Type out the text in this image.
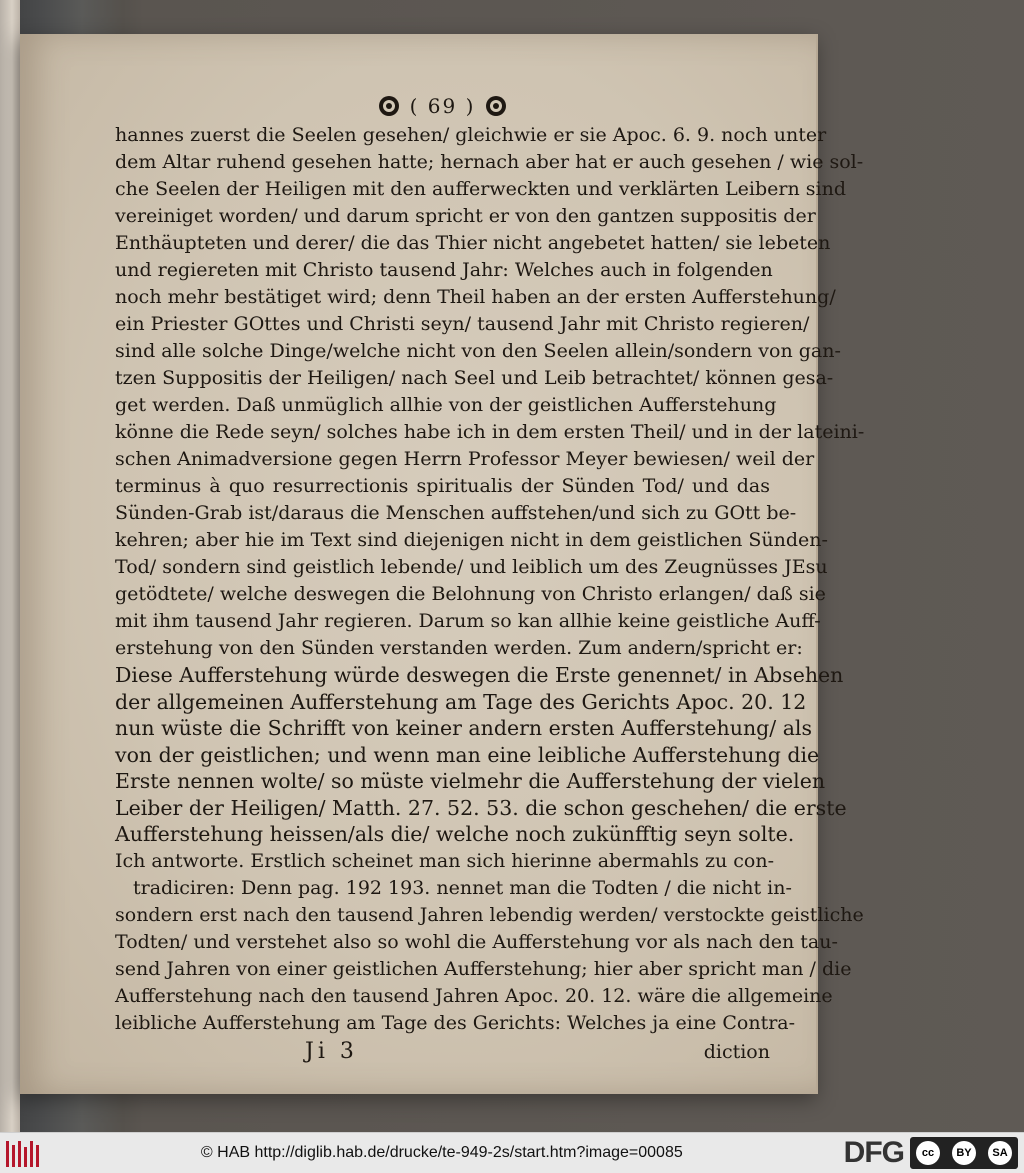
( 69 )
hannes zuerst die Seelen gesehen/ gleichwie er sie Apoc. 6. 9. noch unter
dem Altar ruhend gesehen hatte; hernach aber hat er auch gesehen / wie sol-
che Seelen der Heiligen mit den aufferweckten und verklärten Leibern sind
vereiniget worden/ und darum spricht er von den gantzen suppositis der
Enthäupteten und derer/ die das Thier nicht angebetet hatten/ sie lebeten
und regiereten mit Christo tausend Jahr: Welches auch in folgenden
noch mehr bestätiget wird; denn Theil haben an der ersten Aufferstehung/
ein Priester GOttes und Christi seyn/ tausend Jahr mit Christo regieren/
sind alle solche Dinge/welche nicht von den Seelen allein/sondern von gan-
tzen Suppositis der Heiligen/ nach Seel und Leib betrachtet/ können gesa-
get werden. Daß unmüglich allhie von der geistlichen Aufferstehung
könne die Rede seyn/ solches habe ich in dem ersten Theil/ und in der lateini-
schen Animadversione gegen Herrn Professor Meyer bewiesen/ weil der
terminus à quo resurrectionis spiritualis der Sünden Tod/ und das
Sünden-Grab ist/daraus die Menschen auffstehen/und sich zu GOtt be-
kehren; aber hie im Text sind diejenigen nicht in dem geistlichen Sünden-
Tod/ sondern sind geistlich lebende/ und leiblich um des Zeugnüsses JEsu
getödtete/ welche deswegen die Belohnung von Christo erlangen/ daß sie
mit ihm tausend Jahr regieren. Darum so kan allhie keine geistliche Auff-
erstehung von den Sünden verstanden werden. Zum andern/spricht er:
Diese Aufferstehung würde deswegen die Erste genennet/ in Absehen
der allgemeinen Aufferstehung am Tage des Gerichts Apoc. 20. 12
nun wüste die Schrifft von keiner andern ersten Aufferstehung/ als
von der geistlichen; und wenn man eine leibliche Aufferstehung die
Erste nennen wolte/ so müste vielmehr die Aufferstehung der vielen
Leiber der Heiligen/ Matth. 27. 52. 53. die schon geschehen/ die erste
Aufferstehung heissen/als die/ welche noch zukünfftig seyn solte.
Ich antworte. Erstlich scheinet man sich hierinne abermahls zu con-
tradiciren: Denn pag. 192 193. nennet man die Todten / die nicht in-
sondern erst nach den tausend Jahren lebendig werden/ verstockte geistliche
Todten/ und verstehet also so wohl die Aufferstehung vor als nach den tau-
send Jahren von einer geistlichen Aufferstehung; hier aber spricht man / die
Aufferstehung nach den tausend Jahren Apoc. 20. 12. wäre die allgemeine
leibliche Aufferstehung am Tage des Gerichts: Welches ja eine Contra-
Ji 3	diction
© HAB http://diglib.hab.de/drucke/te-949-2s/start.htm?image=00085	DFG	cc	BY	SA
